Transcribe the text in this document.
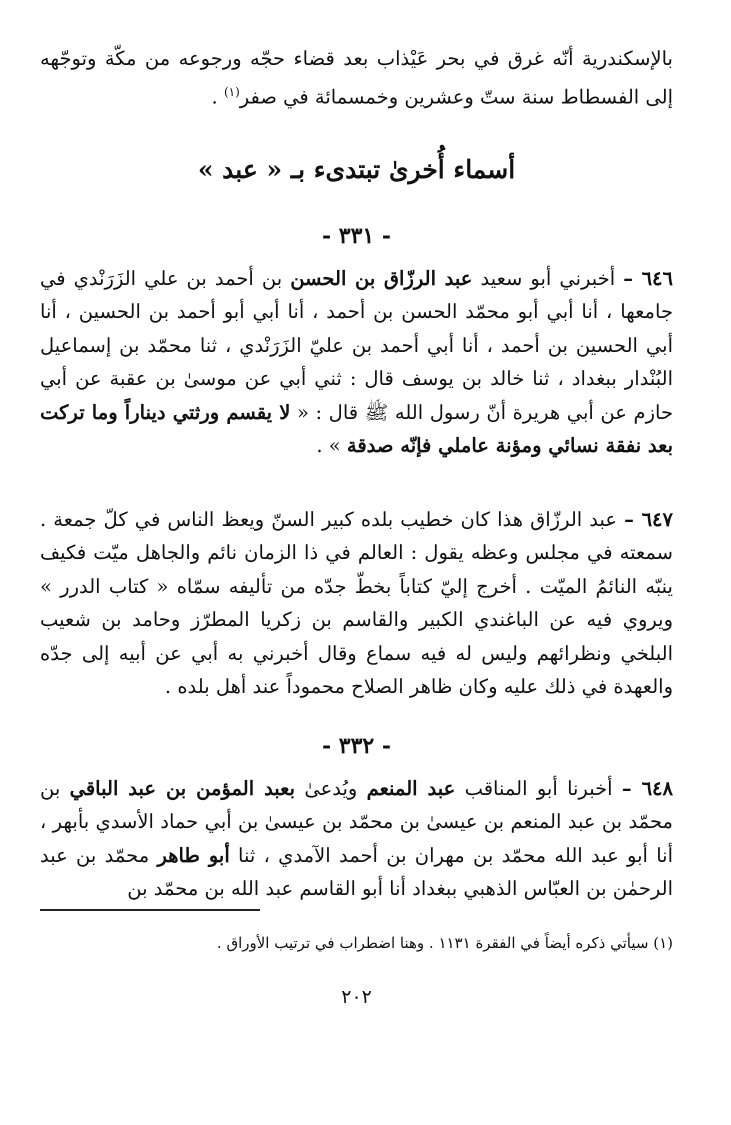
بالإسكندرية أنّه غرق في بحر عَيْذاب بعد قضاء حجّه ورجوعه من مكّة وتوجّهه إلى الفسطاط سنة ستّ وعشرين وخمسمائة في صفر$^{(١)}$ .

أسماء أُخرىٰ تبتدىء بـ « عبد »
- ٣٣١ -

٦٤٦ – أخبرني أبو سعيد عبد الرزّاق بن الحسن بن أحمد بن علي الزَرَنْدي في جامعها ، أنا أبي أبو محمّد الحسن بن أحمد ، أنا أبي أبو أحمد بن الحسين ، أنا أبي الحسين بن أحمد ، أنا أبي أحمد بن عليّ الزَرَنْدي ، ثنا محمّد بن إسماعيل البُنْدار ببغداد ، ثنا خالد بن يوسف قال : ثني أبي عن موسىٰ بن عقبة عن أبي حازم عن أبي هريرة أنّ رسول الله ﷺ قال : « لا يقسم ورثتي ديناراً وما تركت بعد نفقة نسائي ومؤنة عاملي فإنّه صدقة » .

٦٤٧ – عبد الرزّاق هذا كان خطيب بلده كبير السنّ ويعظ الناس في كلّ جمعة . سمعته في مجلس وعظه يقول : العالم في ذا الزمان نائم والجاهل ميّت فكيف ينبّه النائمُ الميّت . أخرج إليّ كتاباً بخطّ جدّه من تأليفه سمّاه « كتاب الدرر » ويروي فيه عن الباغندي الكبير والقاسم بن زكريا المطرّز وحامد بن شعيب البلخي ونظرائهم وليس له فيه سماع وقال أخبرني به أبي عن أبيه إلى جدّه والعهدة في ذلك عليه وكان ظاهر الصلاح محموداً عند أهل بلده .

- ٣٣٢ -

٦٤٨ – أخبرنا أبو المناقب عبد المنعم ويُدعىٰ بعبد المؤمن بن عبد الباقي بن محمّد بن عبد المنعم بن عيسىٰ بن محمّد بن عيسىٰ بن أبي حماد الأسدي بأبهر ، أنا أبو عبد الله محمّد بن مهران بن أحمد الآمدي ، ثنا أبو طاهر محمّد بن عبد الرحمٰن بن العبّاس الذهبي ببغداد أنا أبو القاسم عبد الله بن محمّد بن

(١) سيأتي ذكره أيضاً في الفقرة ١١٣١ . وهنا اضطراب في ترتيب الأوراق .
٢٠٢
